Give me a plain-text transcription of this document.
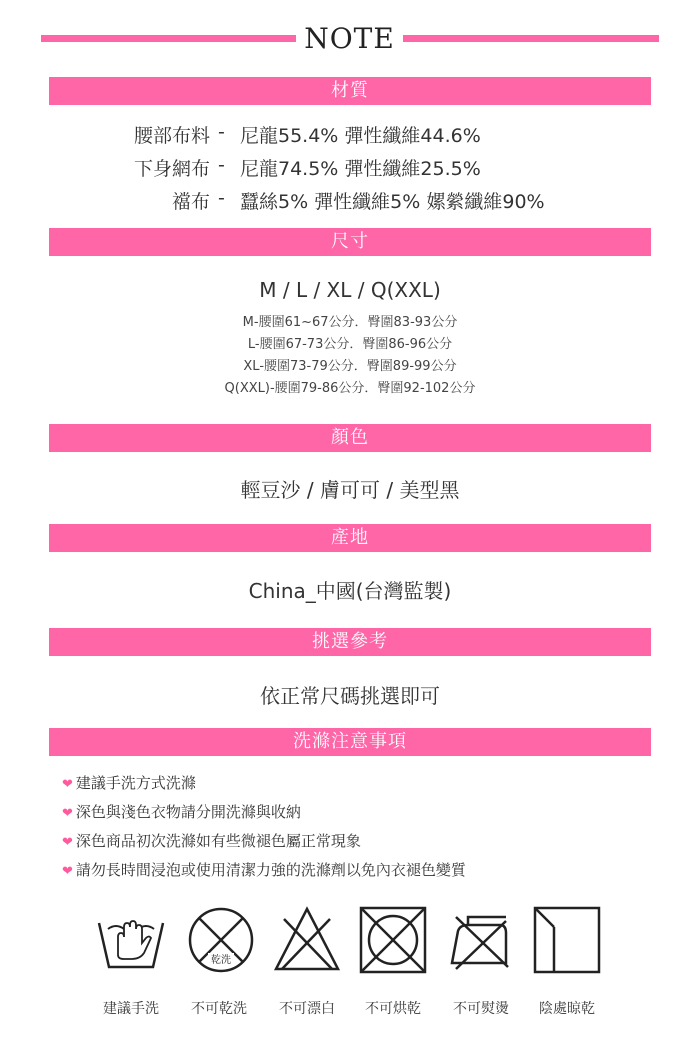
NOTE
材質
腰部布料 - 尼龍55.4% 彈性纖維44.6%
下身網布 - 尼龍74.5% 彈性纖維25.5%
襠布 - 蠶絲5% 彈性纖維5% 嫘縈纖維90%
尺寸
M / L / XL / Q(XXL)
M-腰圍61~67公分．臀圍83-93公分
L-腰圍67-73公分．臀圍86-96公分
XL-腰圍73-79公分．臀圍89-99公分
Q(XXL)-腰圍79-86公分．臀圍92-102公分
顏色
輕豆沙 / 膚可可 / 美型黑
產地
China_中國(台灣監製)
挑選參考
依正常尺碼挑選即可
洗滌注意事項
❤ 建議手洗方式洗滌
❤ 深色與淺色衣物請分開洗滌與收納
❤ 深色商品初次洗滌如有些微褪色屬正常現象
❤ 請勿長時間浸泡或使用清潔力強的洗滌劑以免內衣褪色變質
乾洗
建議手洗	不可乾洗	不可漂白	不可烘乾	不可熨燙	陰處晾乾
